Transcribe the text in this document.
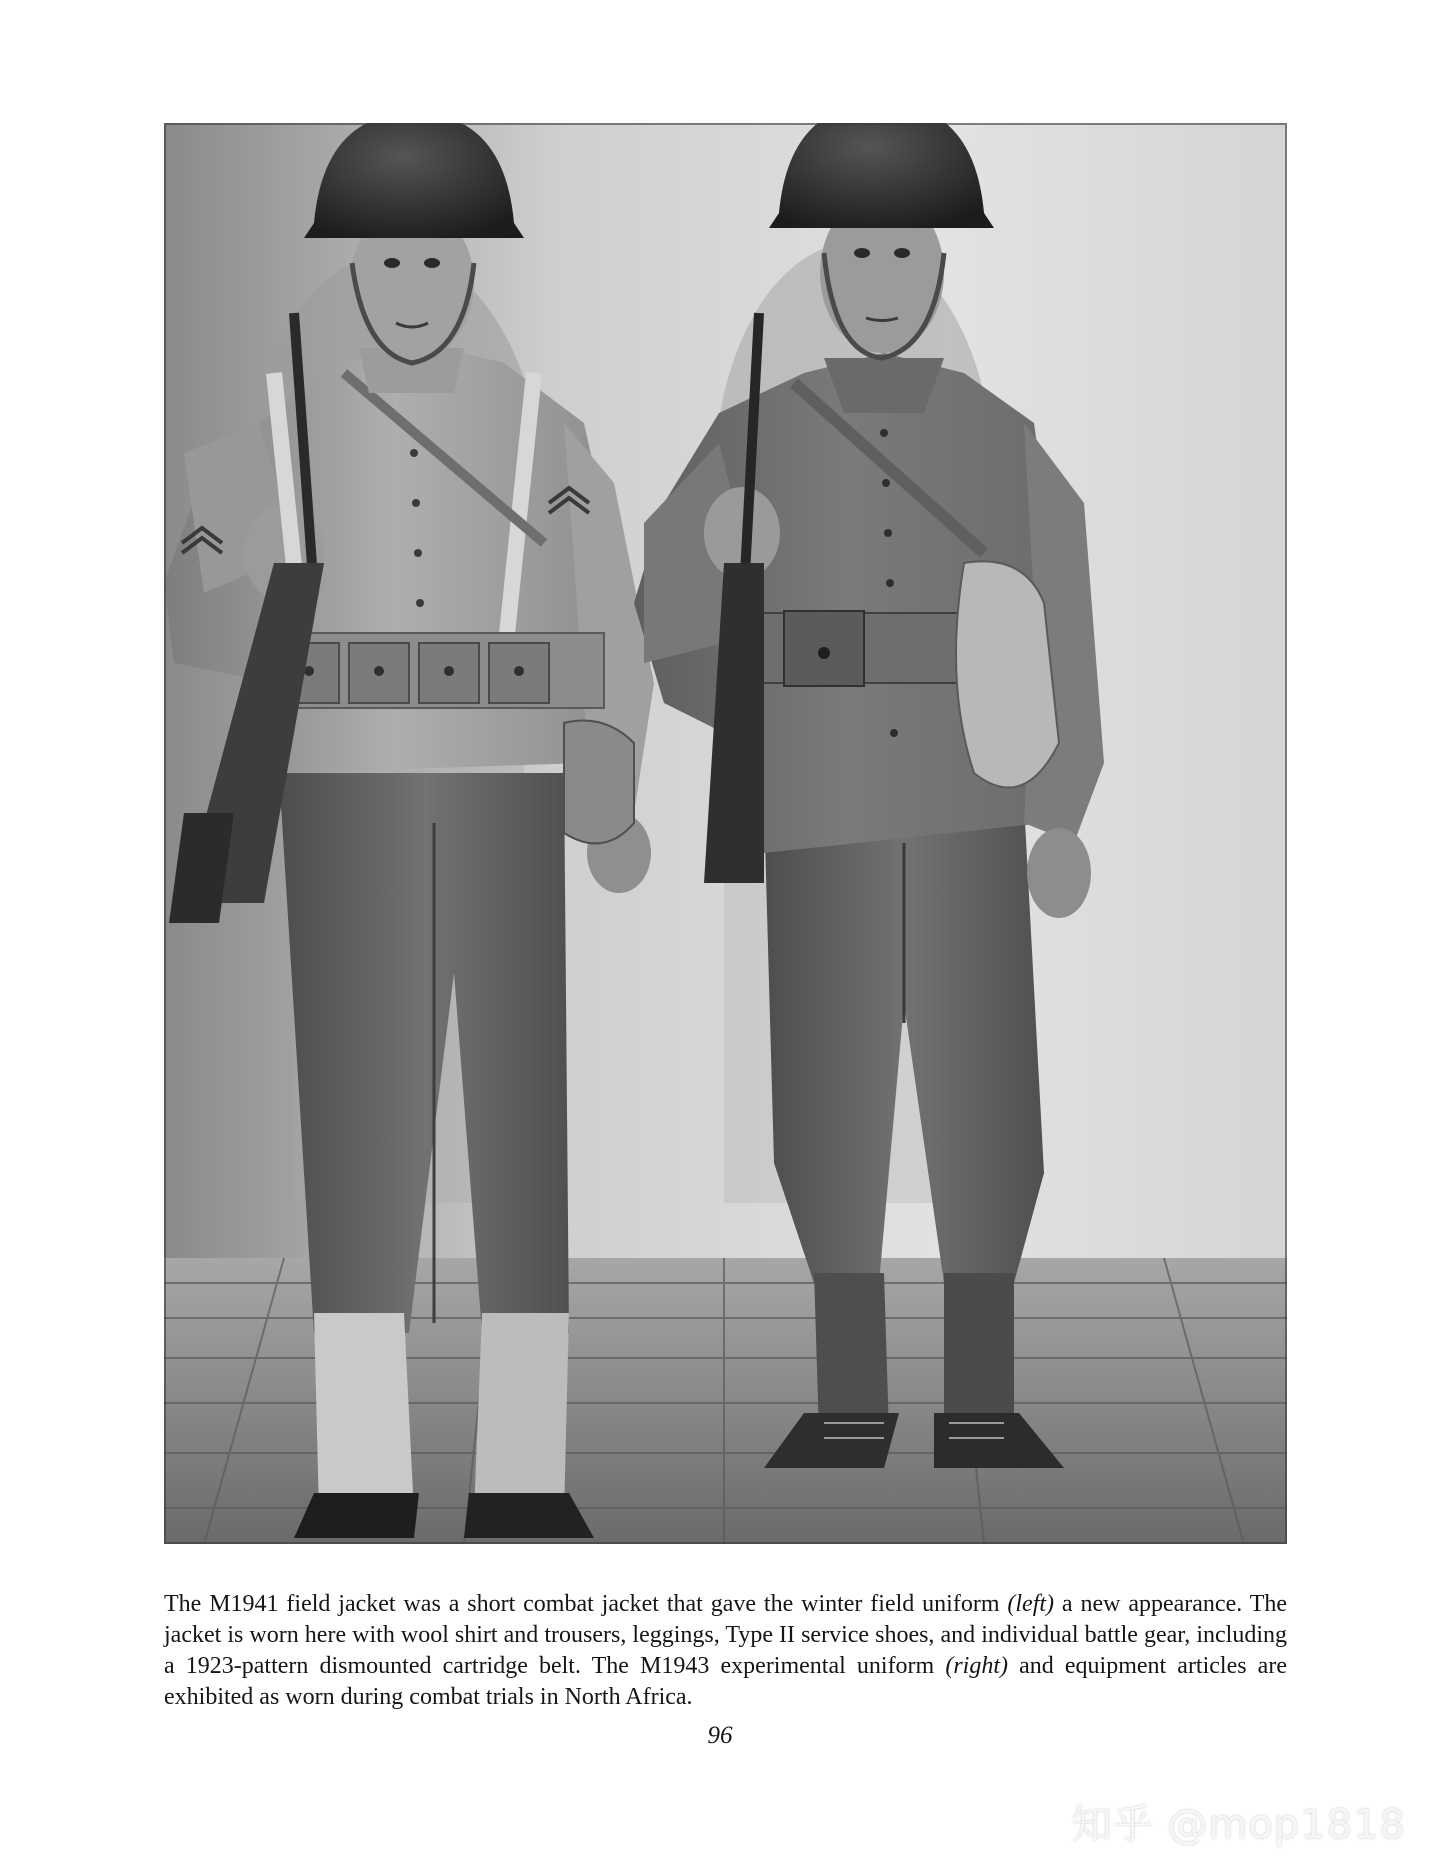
The M1941 field jacket was a short combat jacket that gave the winter field uniform (left) a new appearance. The jacket is worn here with wool shirt and trousers, leggings, Type II service shoes, and individual battle gear, including a 1923-pattern dismounted cartridge belt. The M1943 experimental uniform (right) and equipment articles are exhibited as worn during combat trials in North Africa.

96
知乎 @mop1818
